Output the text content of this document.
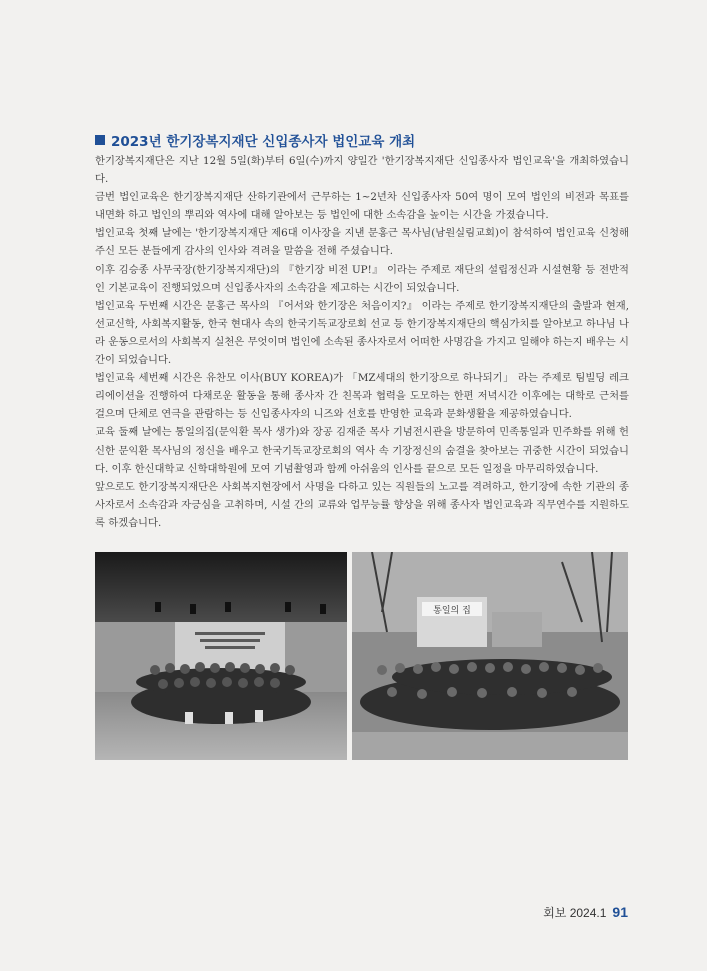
2023년 한기장복지재단 신입종사자 법인교육 개최

한기장복지재단은 지난 12월 5일(화)부터 6일(수)까지 양일간 '한기장복지재단 신입종사자 법인교육'을 개최하였습니다.

금번 법인교육은 한기장복지재단 산하기관에서 근무하는 1~2년차 신입종사자 50여 명이 모여 법인의 비전과 목표를 내면화 하고 법인의 뿌리와 역사에 대해 알아보는 등 법인에 대한 소속감을 높이는 시간을 가졌습니다.

법인교육 첫째 날에는 '한기장복지재단 제6대 이사장을 지낸 문홍근 목사님(남원실림교회)이 참석하여 법인교육 신청해주신 모든 분들에게 감사의 인사와 격려을 말씀을 전해 주셨습니다.

이후 김승종 사무국장(한기장복지재단)의 『한기장 비전 UP!』 이라는 주제로 재단의 설립정신과 시설현황 등 전반적인 기본교육이 진행되었으며 신입종사자의 소속감을 제고하는 시간이 되었습니다.

법인교육 두번째 시간은 문홍근 목사의 『어서와 한기장은 처음이지?』 이라는 주제로 한기장복지재단의 출발과 현재, 선교신학, 사회복지활동, 한국 현대사 속의 한국기독교장로회 선교 등 한기장복지재단의 핵심가치를 알아보고 하나님 나라 운동으로서의 사회복지 실천은 무엇이며 법인에 소속된 종사자로서 어떠한 사명감을 가지고 일해야 하는지 배우는 시간이 되었습니다.

법인교육 세번째 시간은 유찬모 이사(BUY KOREA)가 「MZ세대의 한기장으로 하나되기」 라는 주제로 팀빌딩 레크리에이션을 진행하여 다채로운 활동을 통해 종사자 간 친목과 협력을 도모하는 한편 저녁시간 이후에는 대학로 근처를 걸으며 단체로 연극을 관람하는 등 신입종사자의 니즈와 선호를 반영한 교육과 문화생활을 제공하였습니다.

교육 둘째 날에는 통일의집(문익환 목사 생가)와 장공 김재준 목사 기념전시관을 방문하여 민족통일과 민주화를 위해 헌신한 문익환 목사님의 정신을 배우고 한국기독교장로회의 역사 속 기장정신의 숨결을 찾아보는 귀중한 시간이 되었습니다. 이후 한신대학교 신학대학원에 모여 기념촬영과 함께 아쉬움의 인사를 끝으로 모든 일정을 마무리하였습니다.

앞으로도 한기장복지재단은 사회복지현장에서 사명을 다하고 있는 직원들의 노고를 격려하고, 한기장에 속한 기관의 종사자로서 소속감과 자긍심을 고취하며, 시설 간의 교류와 업무능률 향상을 위해 종사자 법인교육과 직무연수를 지원하도록 하겠습니다.

통일의 집
회보 2024.1 91
